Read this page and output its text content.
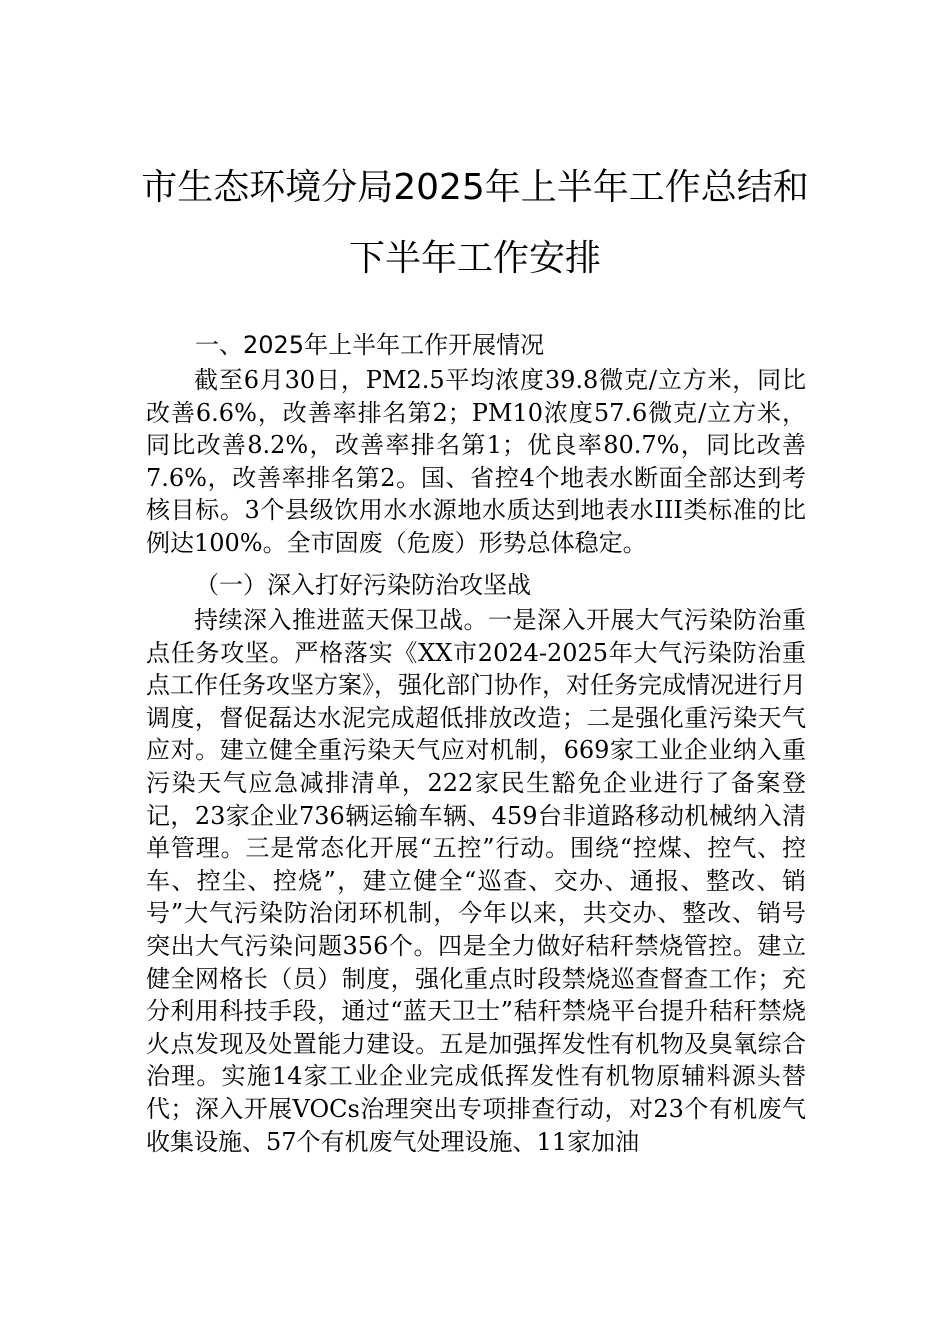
市生态环境分局2025年上半年工作总结和
下半年工作安排
一、2025年上半年工作开展情况
截至6月30日，PM2.5平均浓度39.8微克/立方米，同比改善6.6%，改善率排名第2；PM10浓度57.6微克/立方米，同比改善8.2%，改善率排名第1；优良率80.7%，同比改善7.6%，改善率排名第2。国、省控4个地表水断面全部达到考核目标。3个县级饮用水水源地水质达到地表水III类标准的比例达100%。全市固废（危废）形势总体稳定。
（一）深入打好污染防治攻坚战
持续深入推进蓝天保卫战。一是深入开展大气污染防治重点任务攻坚。严格落实《XX市2024-2025年大气污染防治重点工作任务攻坚方案》，强化部门协作，对任务完成情况进行月调度，督促磊达水泥完成超低排放改造；二是强化重污染天气应对。建立健全重污染天气应对机制，669家工业企业纳入重污染天气应急减排清单，222家民生豁免企业进行了备案登记，23家企业736辆运输车辆、459台非道路移动机械纳入清单管理。三是常态化开展“五控”行动。围绕“控煤、控气、控车、控尘、控烧”，建立健全“巡查、交办、通报、整改、销号”大气污染防治闭环机制，今年以来，共交办、整改、销号突出大气污染问题356个。四是全力做好秸秆禁烧管控。建立健全网格长（员）制度，强化重点时段禁烧巡查督查工作；充分利用科技手段，通过“蓝天卫士”秸秆禁烧平台提升秸秆禁烧火点发现及处置能力建设。五是加强挥发性有机物及臭氧综合治理。实施14家工业企业完成低挥发性有机物原辅料源头替代；深入开展VOCs治理突出专项排查行动，对23个有机废气收集设施、57个有机废气处理设施、11家加油
